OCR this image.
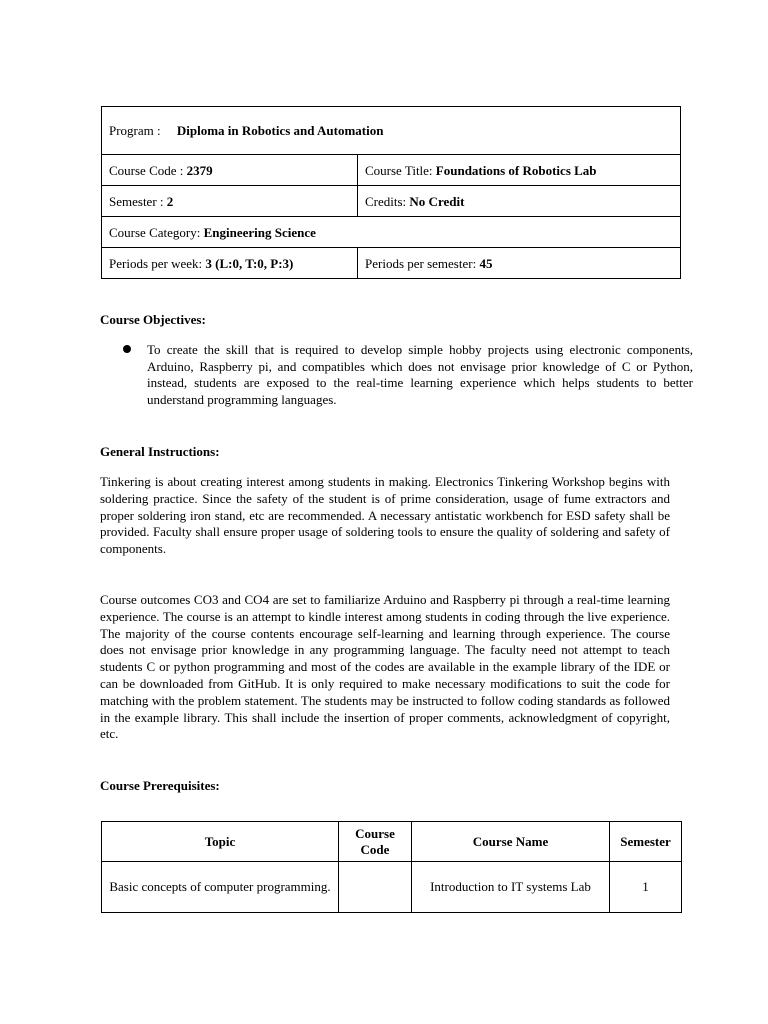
Program : Diploma in Robotics and Automation	
Course Code : 2379	Course Title: Foundations of Robotics Lab
Semester : 2	Credits: No Credit
Course Category: Engineering Science	
Periods per week: 3 (L:0, T:0, P:3)	Periods per semester: 45
Course Objectives:
To create the skill that is required to develop simple hobby projects using electronic components, Arduino, Raspberry pi, and compatibles which does not envisage prior knowledge of C or Python, instead, students are exposed to the real-time learning experience which helps students to better understand programming languages.
General Instructions:

Tinkering is about creating interest among students in making. Electronics Tinkering Workshop begins with soldering practice. Since the safety of the student is of prime consideration, usage of fume extractors and proper soldering iron stand, etc are recommended. A necessary antistatic workbench for ESD safety shall be provided. Faculty shall ensure proper usage of soldering tools to ensure the quality of soldering and safety of components.

Course outcomes CO3 and CO4 are set to familiarize Arduino and Raspberry pi through a real-time learning experience. The course is an attempt to kindle interest among students in coding through the live experience. The majority of the course contents encourage self-learning and learning through experience. The course does not envisage prior knowledge in any programming language. The faculty need not attempt to teach students C or python programming and most of the codes are available in the example library of the IDE or can be downloaded from GitHub. It is only required to make necessary modifications to suit the code for matching with the problem statement. The students may be instructed to follow coding standards as followed in the example library. This shall include the insertion of proper comments, acknowledgment of copyright, etc.

Course Prerequisites:
Topic	Course Code	Course Name	Semester
Basic concepts of computer programming.		Introduction to IT systems Lab	1
